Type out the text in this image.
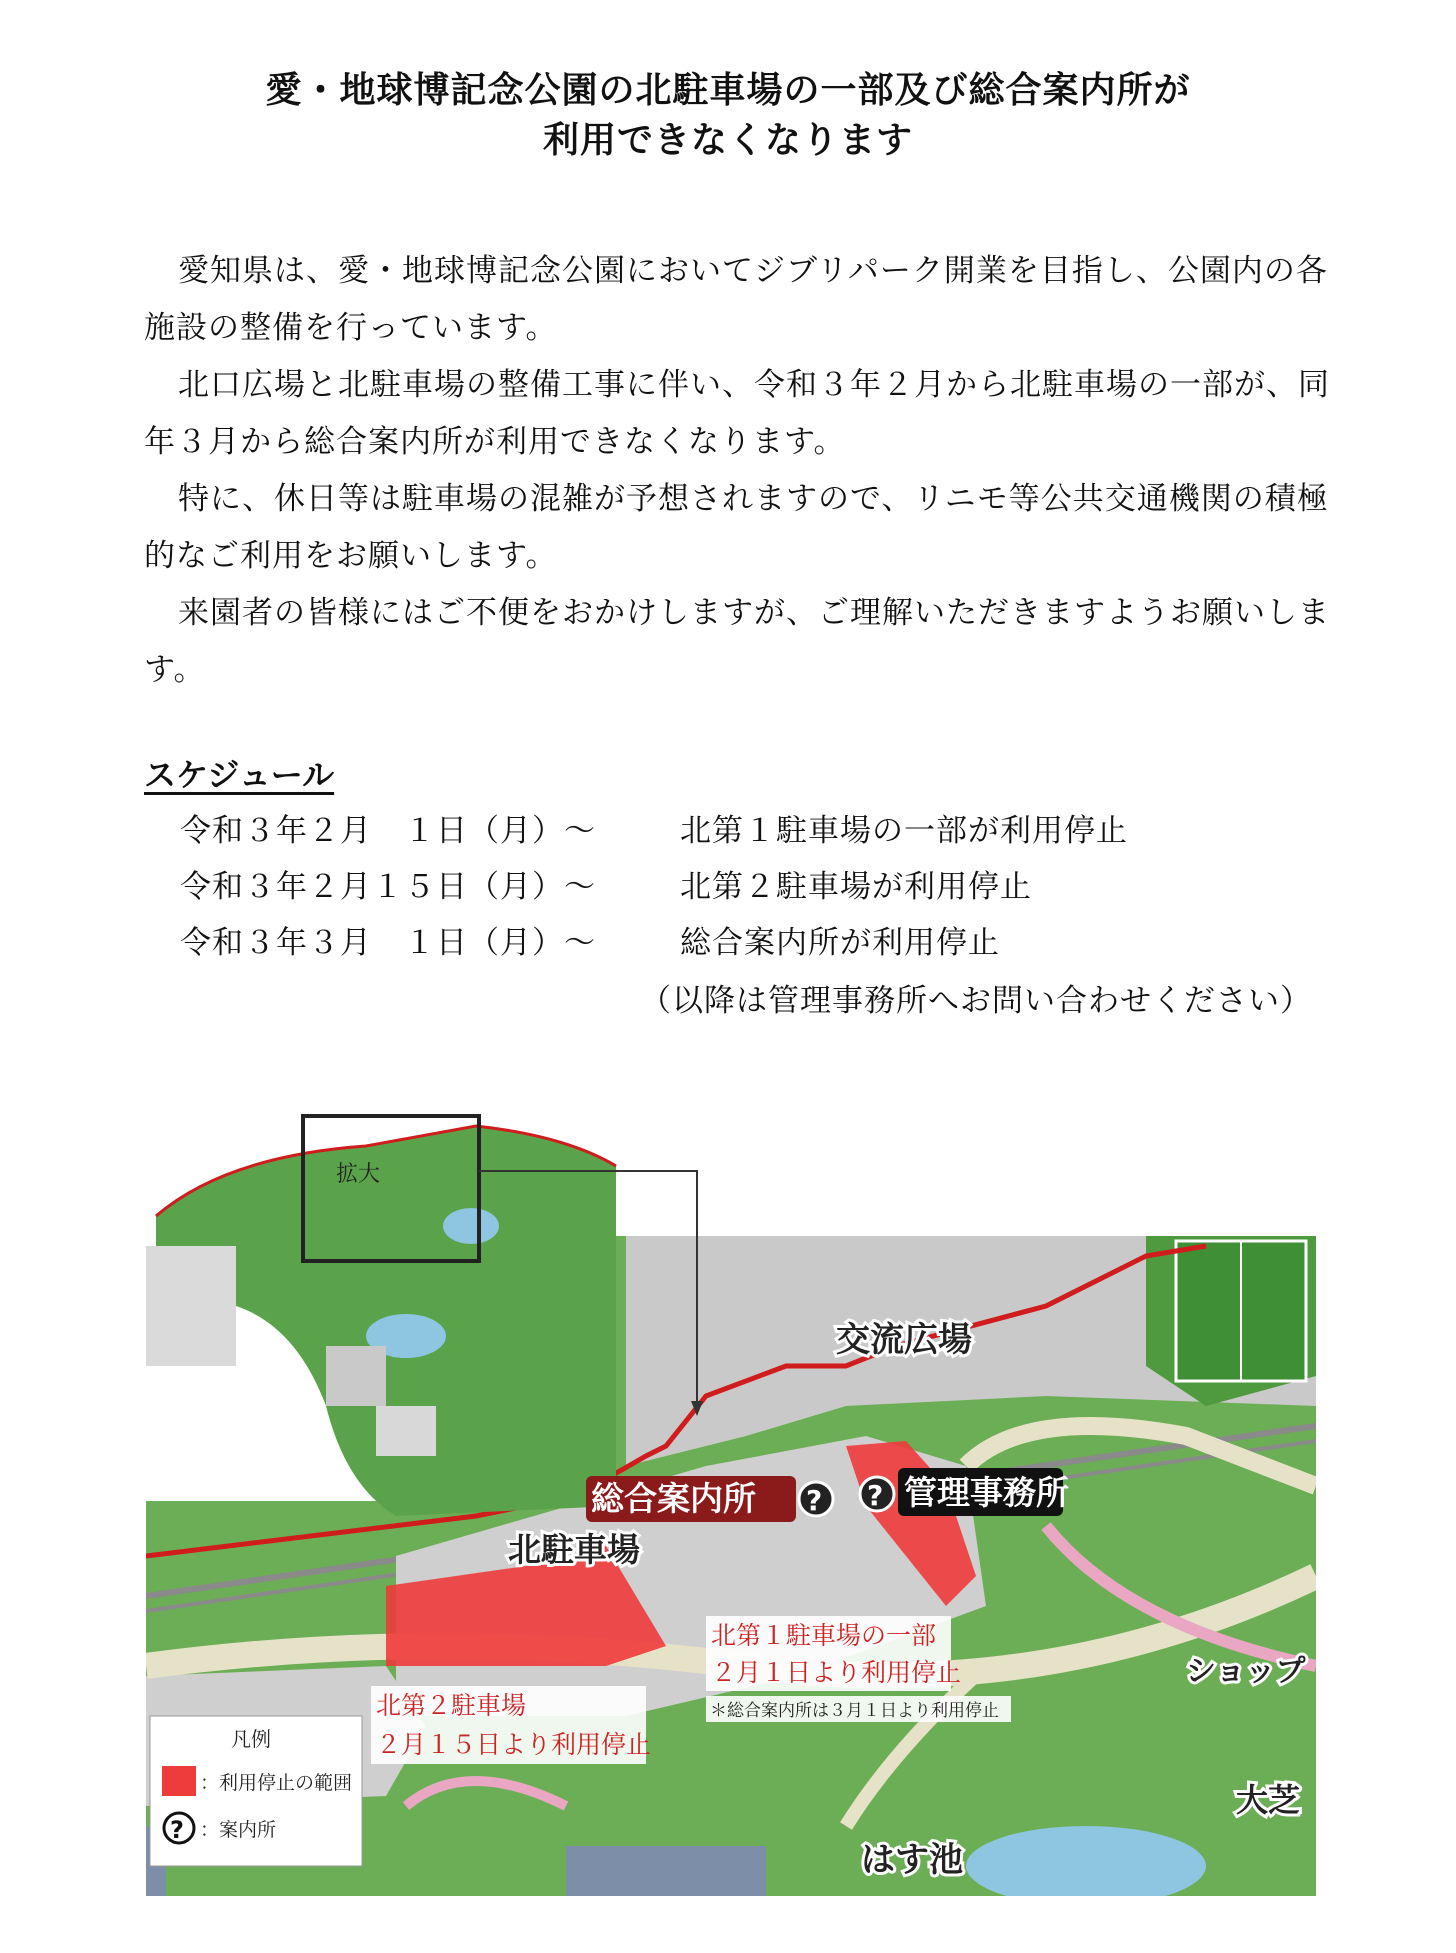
愛・地球博記念公園の北駐車場の一部及び総合案内所が
利用できなくなります

愛知県は、愛・地球博記念公園においてジブリパーク開業を目指し、公園内の各施設の整備を行っています。

北口広場と北駐車場の整備工事に伴い、令和３年２月から北駐車場の一部が、同年３月から総合案内所が利用できなくなります。

特に、休日等は駐車場の混雑が予想されますので、リニモ等公共交通機関の積極的なご利用をお願いします。

来園者の皆様にはご不便をおかけしますが、ご理解いただきますようお願いします。

スケジュール
令和３年２月　１日（月）～	北第１駐車場の一部が利用停止
令和３年２月１５日（月）～	北第２駐車場が利用停止
令和３年３月　１日（月）～	総合案内所が利用停止
（以降は管理事務所へお問い合わせください）
拡大
交流広場
総合案内所 ? ? 管理事務所
北駐車場
はす池
大芝
ショップ
北第１駐車場の一部
２月１日より利用停止
＊総合案内所は３月１日より利用停止
北第２駐車場
２月１５日より利用停止
凡例
：利用停止の範囲
? ：案内所
